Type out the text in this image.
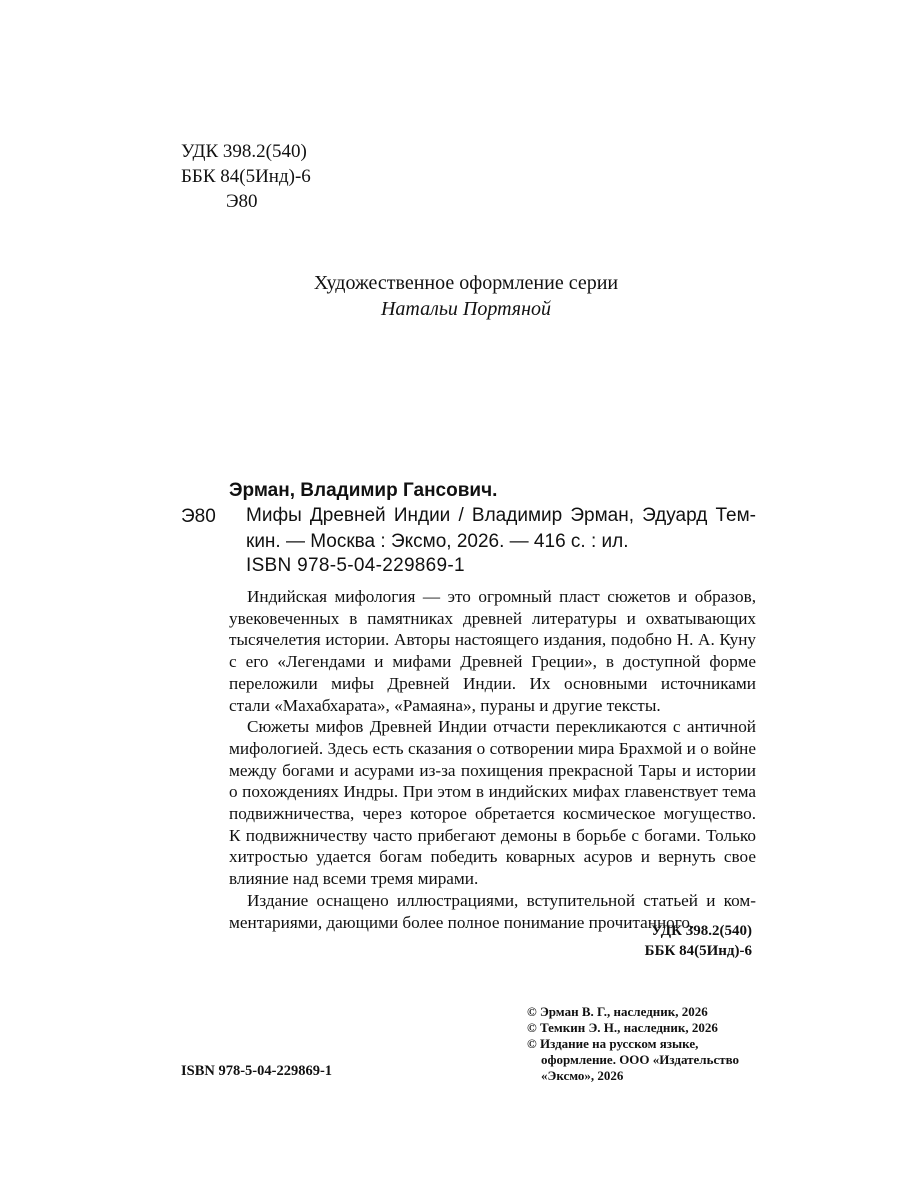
УДК 398.2(540)
ББК 84(5Инд)-6
Э80
Художественное оформление серии
Натальи Портяной
Эрман, Владимир Гансович.
Э80 Мифы Древней Индии / Владимир Эрман, Эдуард Тем-
кин. — Москва : Эксмо, 2026. — 416 с. : ил.
ISBN 978-5-04-229869-1
Индийская мифология — это огромный пласт сюжетов и образов,
увековеченных в памятниках древней литературы и охватывающих
тысячелетия истории. Авторы настоящего издания, подобно Н. А. Куну
с его «Легендами и мифами Древней Греции», в доступной форме
переложили мифы Древней Индии. Их основными источниками
стали «Махабхарата», «Рамаяна», пураны и другие тексты.
Сюжеты мифов Древней Индии отчасти перекликаются с античной
мифологией. Здесь есть сказания о сотворении мира Брахмой и о войне
между богами и асурами из-за похищения прекрасной Тары и истории
о похождениях Индры. При этом в индийских мифах главенствует тема
подвижничества, через которое обретается космическое могущество.
К подвижничеству часто прибегают демоны в борьбе с богами. Только
хитростью удается богам победить коварных асуров и вернуть свое
влияние над всеми тремя мирами.
Издание оснащено иллюстрациями, вступительной статьей и ком-
ментариями, дающими более полное понимание прочитанного.
УДК 398.2(540)
ББК 84(5Инд)-6
© Эрман В. Г., наследник, 2026
© Темкин Э. Н., наследник, 2026
© Издание на русском языке,
оформление. ООО «Издательство
«Эксмо», 2026
ISBN 978-5-04-229869-1
